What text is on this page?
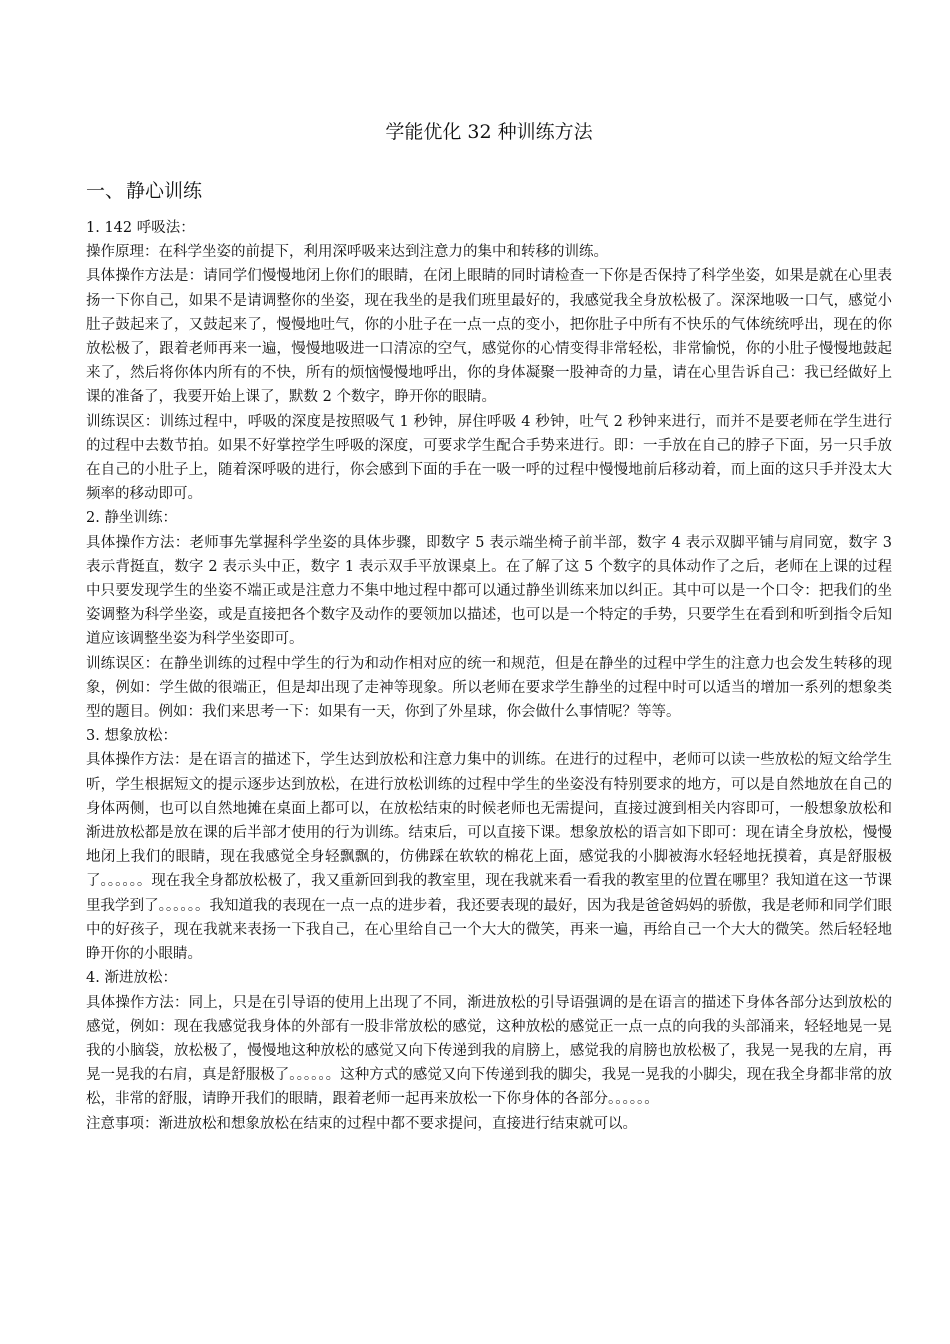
学能优化 32 种训练方法
一、 静心训练

1. 142 呼吸法：

操作原理：在科学坐姿的前提下，利用深呼吸来达到注意力的集中和转移的训练。

具体操作方法是：请同学们慢慢地闭上你们的眼睛，在闭上眼睛的同时请检查一下你是否保持了科学坐姿，如果是就在心里表扬一下你自己，如果不是请调整你的坐姿，现在我坐的是我们班里最好的，我感觉我全身放松极了。深深地吸一口气，感觉小肚子鼓起来了，又鼓起来了，慢慢地吐气，你的小肚子在一点一点的变小，把你肚子中所有不快乐的气体统统呼出，现在的你放松极了，跟着老师再来一遍，慢慢地吸进一口清凉的空气，感觉你的心情变得非常轻松，非常愉悦，你的小肚子慢慢地鼓起来了，然后将你体内所有的不快，所有的烦恼慢慢地呼出，你的身体凝聚一股神奇的力量，请在心里告诉自己：我已经做好上课的准备了，我要开始上课了，默数 2 个数字，睁开你的眼睛。

训练误区：训练过程中，呼吸的深度是按照吸气 1 秒钟，屏住呼吸 4 秒钟，吐气 2 秒钟来进行，而并不是要老师在学生进行的过程中去数节拍。如果不好掌控学生呼吸的深度，可要求学生配合手势来进行。即：一手放在自己的脖子下面，另一只手放在自己的小肚子上，随着深呼吸的进行，你会感到下面的手在一吸一呼的过程中慢慢地前后移动着，而上面的这只手并没太大频率的移动即可。

2. 静坐训练：

具体操作方法：老师事先掌握科学坐姿的具体步骤，即数字 5 表示端坐椅子前半部，数字 4 表示双脚平铺与肩同宽，数字 3 表示背挺直，数字 2 表示头中正，数字 1 表示双手平放课桌上。在了解了这 5 个数字的具体动作了之后，老师在上课的过程中只要发现学生的坐姿不端正或是注意力不集中地过程中都可以通过静坐训练来加以纠正。其中可以是一个口令：把我们的坐姿调整为科学坐姿，或是直接把各个数字及动作的要领加以描述，也可以是一个特定的手势，只要学生在看到和听到指令后知道应该调整坐姿为科学坐姿即可。

训练误区：在静坐训练的过程中学生的行为和动作相对应的统一和规范，但是在静坐的过程中学生的注意力也会发生转移的现象，例如：学生做的很端正，但是却出现了走神等现象。所以老师在要求学生静坐的过程中时可以适当的增加一系列的想象类型的题目。例如：我们来思考一下：如果有一天，你到了外星球，你会做什么事情呢？等等。

3. 想象放松：

具体操作方法：是在语言的描述下，学生达到放松和注意力集中的训练。在进行的过程中，老师可以读一些放松的短文给学生听，学生根据短文的提示逐步达到放松，在进行放松训练的过程中学生的坐姿没有特别要求的地方，可以是自然地放在自己的身体两侧，也可以自然地摊在桌面上都可以，在放松结束的时候老师也无需提问，直接过渡到相关内容即可，一般想象放松和渐进放松都是放在课的后半部才使用的行为训练。结束后，可以直接下课。想象放松的语言如下即可：现在请全身放松，慢慢地闭上我们的眼睛，现在我感觉全身轻飘飘的，仿佛踩在软软的棉花上面，感觉我的小脚被海水轻轻地抚摸着，真是舒服极了。。。。。。现在我全身都放松极了，我又重新回到我的教室里，现在我就来看一看我的教室里的位置在哪里？我知道在这一节课里我学到了。。。。。。我知道我的表现在一点一点的进步着，我还要表现的最好，因为我是爸爸妈妈的骄傲，我是老师和同学们眼中的好孩子，现在我就来表扬一下我自己，在心里给自己一个大大的微笑，再来一遍，再给自己一个大大的微笑。然后轻轻地睁开你的小眼睛。

4. 渐进放松：

具体操作方法：同上，只是在引导语的使用上出现了不同，渐进放松的引导语强调的是在语言的描述下身体各部分达到放松的感觉，例如：现在我感觉我身体的外部有一股非常放松的感觉，这种放松的感觉正一点一点的向我的头部涌来，轻轻地晃一晃我的小脑袋，放松极了，慢慢地这种放松的感觉又向下传递到我的肩膀上，感觉我的肩膀也放松极了，我晃一晃我的左肩，再晃一晃我的右肩，真是舒服极了。。。。。。这种方式的感觉又向下传递到我的脚尖，我晃一晃我的小脚尖，现在我全身都非常的放松，非常的舒服，请睁开我们的眼睛，跟着老师一起再来放松一下你身体的各部分。。。。。。

注意事项：渐进放松和想象放松在结束的过程中都不要求提问，直接进行结束就可以。
